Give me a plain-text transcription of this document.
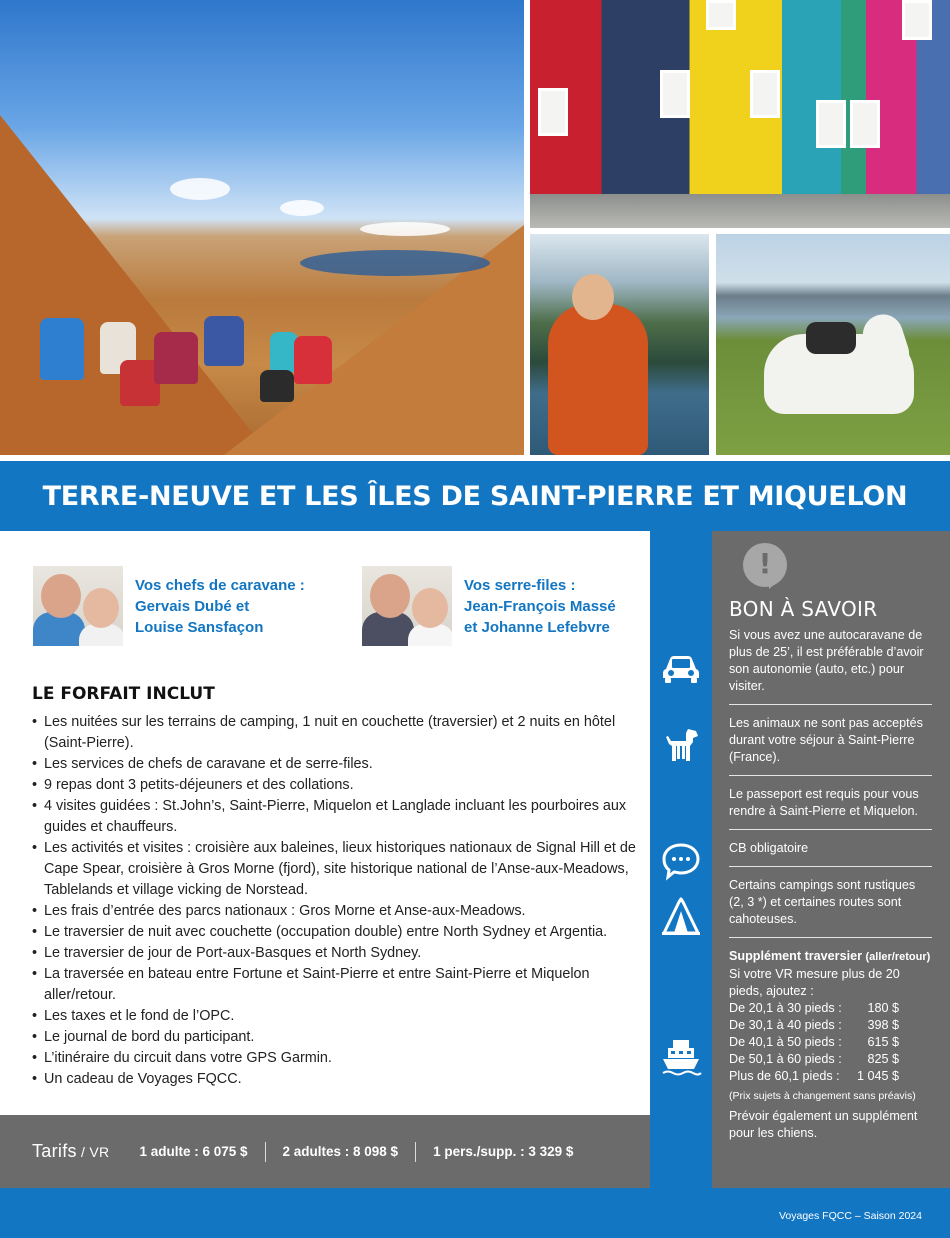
TERRE-NEUVE ET LES ÎLES DE SAINT-PIERRE ET MIQUELON
Vos chefs de caravane :
Gervais Dubé et
Louise Sansfaçon
Vos serre-files :
Jean-François Massé
et Johanne Lefebvre
LE FORFAIT INCLUT
• Les nuitées sur les terrains de camping, 1 nuit en couchette (traversier) et 2 nuits en hôtel (Saint-Pierre).
• Les services de chefs de caravane et de serre-files.
• 9 repas dont 3 petits-déjeuners et des collations.
• 4 visites guidées : St.John’s, Saint-Pierre, Miquelon et Langlade incluant les pourboires aux guides et chauffeurs.
• Les activités et visites : croisière aux baleines, lieux historiques nationaux de Signal Hill et de Cape Spear, croisière à Gros Morne (fjord), site historique national de l’Anse-aux-Meadows, Tablelands et village vicking de Norstead.
• Les frais d’entrée des parcs nationaux : Gros Morne et Anse-aux-Meadows.
• Le traversier de nuit avec couchette (occupation double) entre North Sydney et Argentia.
• Le traversier de jour de Port-aux-Basques et North Sydney.
• La traversée en bateau entre Fortune et Saint-Pierre et entre Saint-Pierre et Miquelon aller/retour.
• Les taxes et le fond de l’OPC.
• Le journal de bord du participant.
• L’itinéraire du circuit dans votre GPS Garmin.
• Un cadeau de Voyages FQCC.
Tarifs / VR 1 adulte : 6 075 $	2 adultes : 8 098 $	1 pers./supp. : 3 329 $
!
BON À SAVOIR

Si vous avez une autocaravane de plus de 25’, il est préférable d’avoir son autonomie (auto, etc.) pour visiter.

Les animaux ne sont pas acceptés durant votre séjour à Saint-Pierre (France).

Le passeport est requis pour vous rendre à Saint-Pierre et Miquelon.

CB obligatoire

Certains campings sont rustiques (2, 3 *) et certaines routes sont cahoteuses.

Supplément traversier (aller/retour)

Si votre VR mesure plus de 20 pieds, ajoutez :

De 20,1 à 30 pieds :	180 $
De 30,1 à 40 pieds :	398 $
De 40,1 à 50 pieds :	615 $
De 50,1 à 60 pieds :	825 $
Plus de 60,1 pieds :	1 045 $
(Prix sujets à changement sans préavis)

Prévoir également un supplément pour les chiens.

Voyages FQCC – Saison 2024
